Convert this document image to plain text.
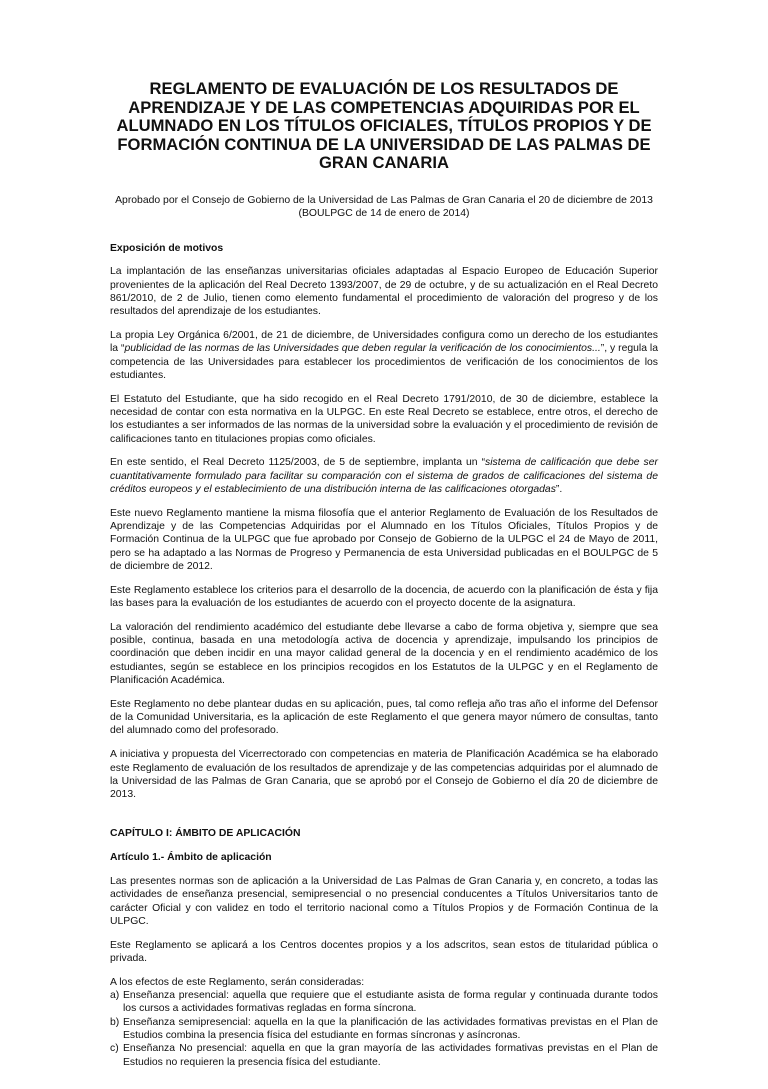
REGLAMENTO DE EVALUACIÓN DE LOS RESULTADOS DE APRENDIZAJE Y DE LAS COMPETENCIAS ADQUIRIDAS POR EL ALUMNADO EN LOS TÍTULOS OFICIALES, TÍTULOS PROPIOS Y DE FORMACIÓN CONTINUA DE LA UNIVERSIDAD DE LAS PALMAS DE GRAN CANARIA
Aprobado por el Consejo de Gobierno de la Universidad de Las Palmas de Gran Canaria el 20 de diciembre de 2013
(BOULPGC de 14 de enero de 2014)

Exposición de motivos

La implantación de las enseñanzas universitarias oficiales adaptadas al Espacio Europeo de Educación Superior provenientes de la aplicación del Real Decreto 1393/2007, de 29 de octubre, y de su actualización en el Real Decreto 861/2010, de 2 de Julio, tienen como elemento fundamental el procedimiento de valoración del progreso y de los resultados del aprendizaje de los estudiantes.

La propia Ley Orgánica 6/2001, de 21 de diciembre, de Universidades configura como un derecho de los estudiantes la “publicidad de las normas de las Universidades que deben regular la verificación de los conocimientos...”, y regula la competencia de las Universidades para establecer los procedimientos de verificación de los conocimientos de los estudiantes.

El Estatuto del Estudiante, que ha sido recogido en el Real Decreto 1791/2010, de 30 de diciembre, establece la necesidad de contar con esta normativa en la ULPGC. En este Real Decreto se establece, entre otros, el derecho de los estudiantes a ser informados de las normas de la universidad sobre la evaluación y el procedimiento de revisión de calificaciones tanto en titulaciones propias como oficiales.

En este sentido, el Real Decreto 1125/2003, de 5 de septiembre, implanta un “sistema de calificación que debe ser cuantitativamente formulado para facilitar su comparación con el sistema de grados de calificaciones del sistema de créditos europeos y el establecimiento de una distribución interna de las calificaciones otorgadas”.

Este nuevo Reglamento mantiene la misma filosofía que el anterior Reglamento de Evaluación de los Resultados de Aprendizaje y de las Competencias Adquiridas por el Alumnado en los Títulos Oficiales, Títulos Propios y de Formación Continua de la ULPGC que fue aprobado por Consejo de Gobierno de la ULPGC el 24 de Mayo de 2011, pero se ha adaptado a las Normas de Progreso y Permanencia de esta Universidad publicadas en el BOULPGC de 5 de diciembre de 2012.

Este Reglamento establece los criterios para el desarrollo de la docencia, de acuerdo con la planificación de ésta y fija las bases para la evaluación de los estudiantes de acuerdo con el proyecto docente de la asignatura.

La valoración del rendimiento académico del estudiante debe llevarse a cabo de forma objetiva y, siempre que sea posible, continua, basada en una metodología activa de docencia y aprendizaje, impulsando los principios de coordinación que deben incidir en una mayor calidad general de la docencia y en el rendimiento académico de los estudiantes, según se establece en los principios recogidos en los Estatutos de la ULPGC y en el Reglamento de Planificación Académica.

Este Reglamento no debe plantear dudas en su aplicación, pues, tal como refleja año tras año el informe del Defensor de la Comunidad Universitaria, es la aplicación de este Reglamento el que genera mayor número de consultas, tanto del alumnado como del profesorado.

A iniciativa y propuesta del Vicerrectorado con competencias en materia de Planificación Académica se ha elaborado este Reglamento de evaluación de los resultados de aprendizaje y de las competencias adquiridas por el alumnado de la Universidad de las Palmas de Gran Canaria, que se aprobó por el Consejo de Gobierno el día 20 de diciembre de 2013.

CAPÍTULO I: ÁMBITO DE APLICACIÓN

Artículo 1.- Ámbito de aplicación

Las presentes normas son de aplicación a la Universidad de Las Palmas de Gran Canaria y, en concreto, a todas las actividades de enseñanza presencial, semipresencial o no presencial conducentes a Títulos Universitarios tanto de carácter Oficial y con validez en todo el territorio nacional como a Títulos Propios y de Formación Continua de la ULPGC.

Este Reglamento se aplicará a los Centros docentes propios y a los adscritos, sean estos de titularidad pública o privada.

A los efectos de este Reglamento, serán consideradas:
a) Enseñanza presencial: aquella que requiere que el estudiante asista de forma regular y continuada durante todos los cursos a actividades formativas regladas en forma síncrona.
b) Enseñanza semipresencial: aquella en la que la planificación de las actividades formativas previstas en el Plan de Estudios combina la presencia física del estudiante en formas síncronas y asíncronas.
c) Enseñanza No presencial: aquella en que la gran mayoría de las actividades formativas previstas en el Plan de Estudios no requieren la presencia física del estudiante.
